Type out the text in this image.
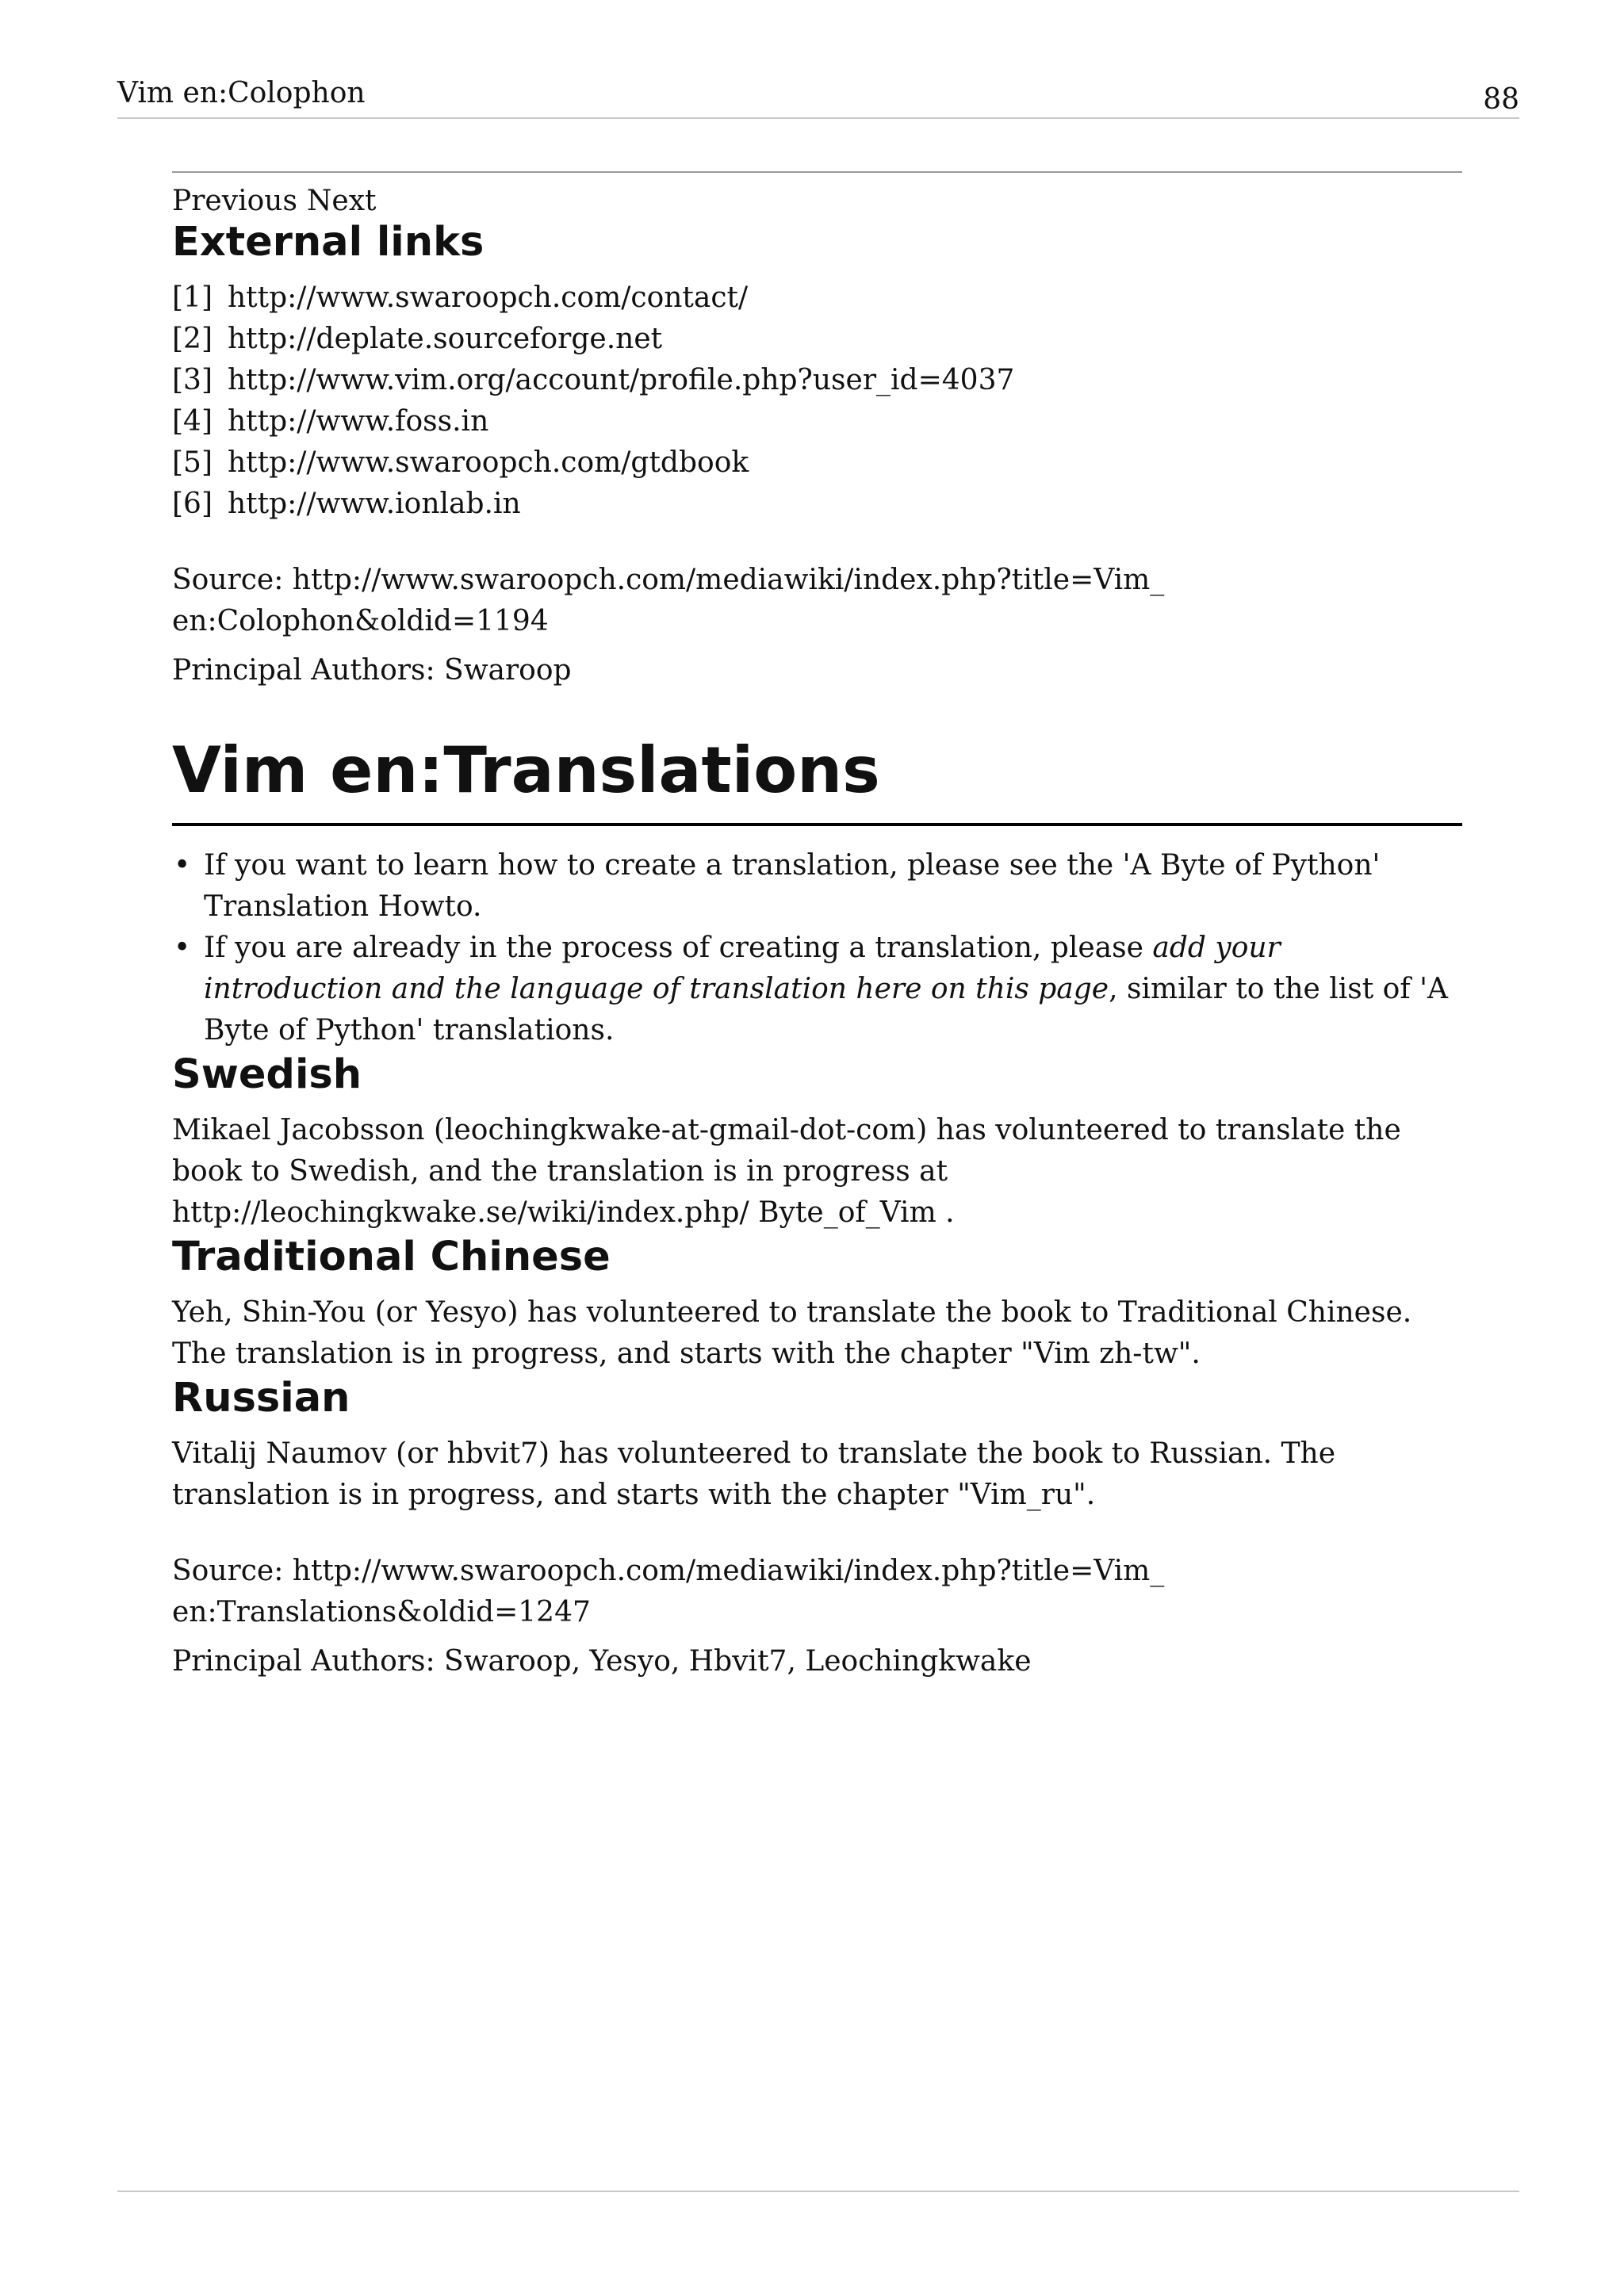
Vim en:Colophon	88
Previous Next
External links
[1] http://www.swaroopch.com/contact/
[2] http://deplate.sourceforge.net
[3] http://www.vim.org/account/profile.php?user_id=4037
[4] http://www.foss.in
[5] http://www.swaroopch.com/gtdbook
[6] http://www.ionlab.in

Source: http://www.swaroopch.com/mediawiki/index.php?title=Vim_
en:Colophon&oldid=1194

Principal Authors: Swaroop

Vim en:Translations
• If you want to learn how to create a translation, please see the 'A Byte of Python' Translation Howto.
• If you are already in the process of creating a translation, please add your introduction and the language of translation here on this page, similar to the list of 'A Byte of Python' translations.
Swedish

Mikael Jacobsson (leochingkwake-at-gmail-dot-com) has volunteered to translate the book to Swedish, and the translation is in progress at http://leochingkwake.se/wiki/index.php/ Byte_of_Vim .

Traditional Chinese

Yeh, Shin-You (or Yesyo) has volunteered to translate the book to Traditional Chinese. The translation is in progress, and starts with the chapter "Vim zh-tw".

Russian

Vitalij Naumov (or hbvit7) has volunteered to translate the book to Russian. The translation is in progress, and starts with the chapter "Vim_ru".

Source: http://www.swaroopch.com/mediawiki/index.php?title=Vim_
en:Translations&oldid=1247

Principal Authors: Swaroop, Yesyo, Hbvit7, Leochingkwake
